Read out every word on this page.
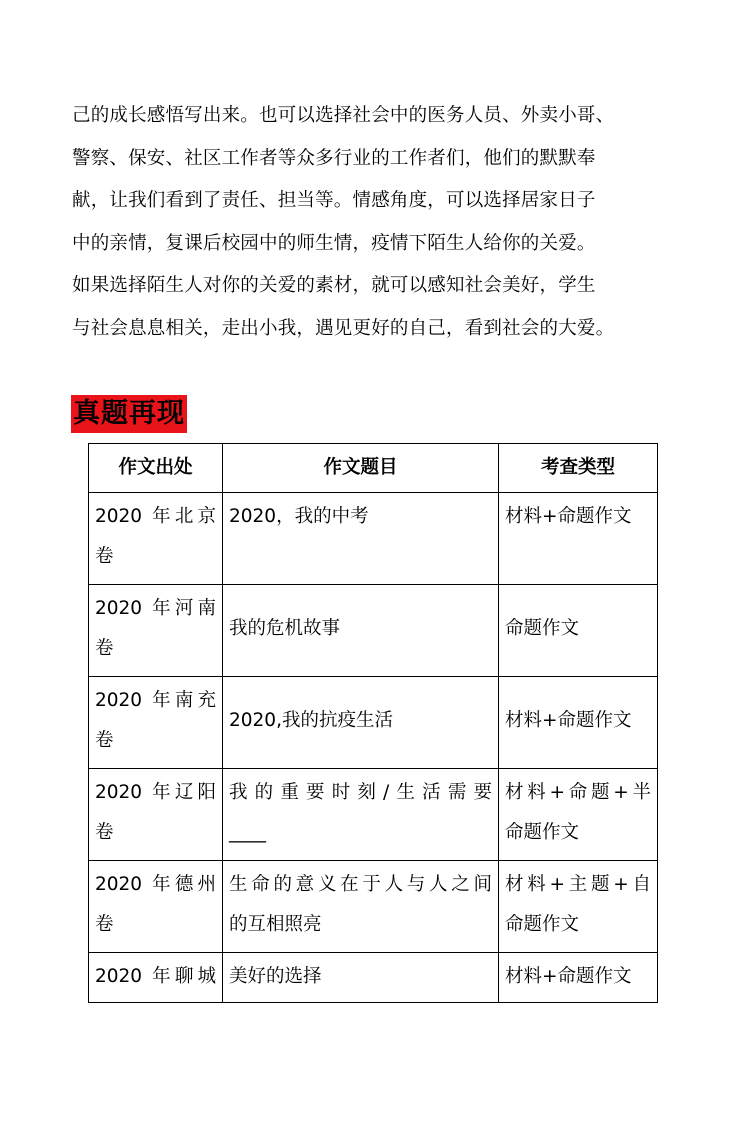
己的成长感悟写出来。也可以选择社会中的医务人员、外卖小哥、

警察、保安、社区工作者等众多行业的工作者们，他们的默默奉

献，让我们看到了责任、担当等。情感角度，可以选择居家日子

中的亲情，复课后校园中的师生情，疫情下陌生人给你的关爱。

如果选择陌生人对你的关爱的素材，就可以感知社会美好，学生

与社会息息相关，走出小我，遇见更好的自己，看到社会的大爱。

真题再现
作文出处	作文题目	考查类型

2020 年北京
卷	2020，我的中考	材料+命题作文

2020 年河南
卷	我的危机故事	命题作文

2020 年南充
卷	2020,我的抗疫生活	材料+命题作文

2020 年辽阳
卷	我的重要时刻/生活需要
____	材料+命题+半
命题作文

2020 年德州
卷	生命的意义在于人与人之间
的互相照亮	材料+主题+自
命题作文

2020 年聊城	美好的选择	材料+命题作文
